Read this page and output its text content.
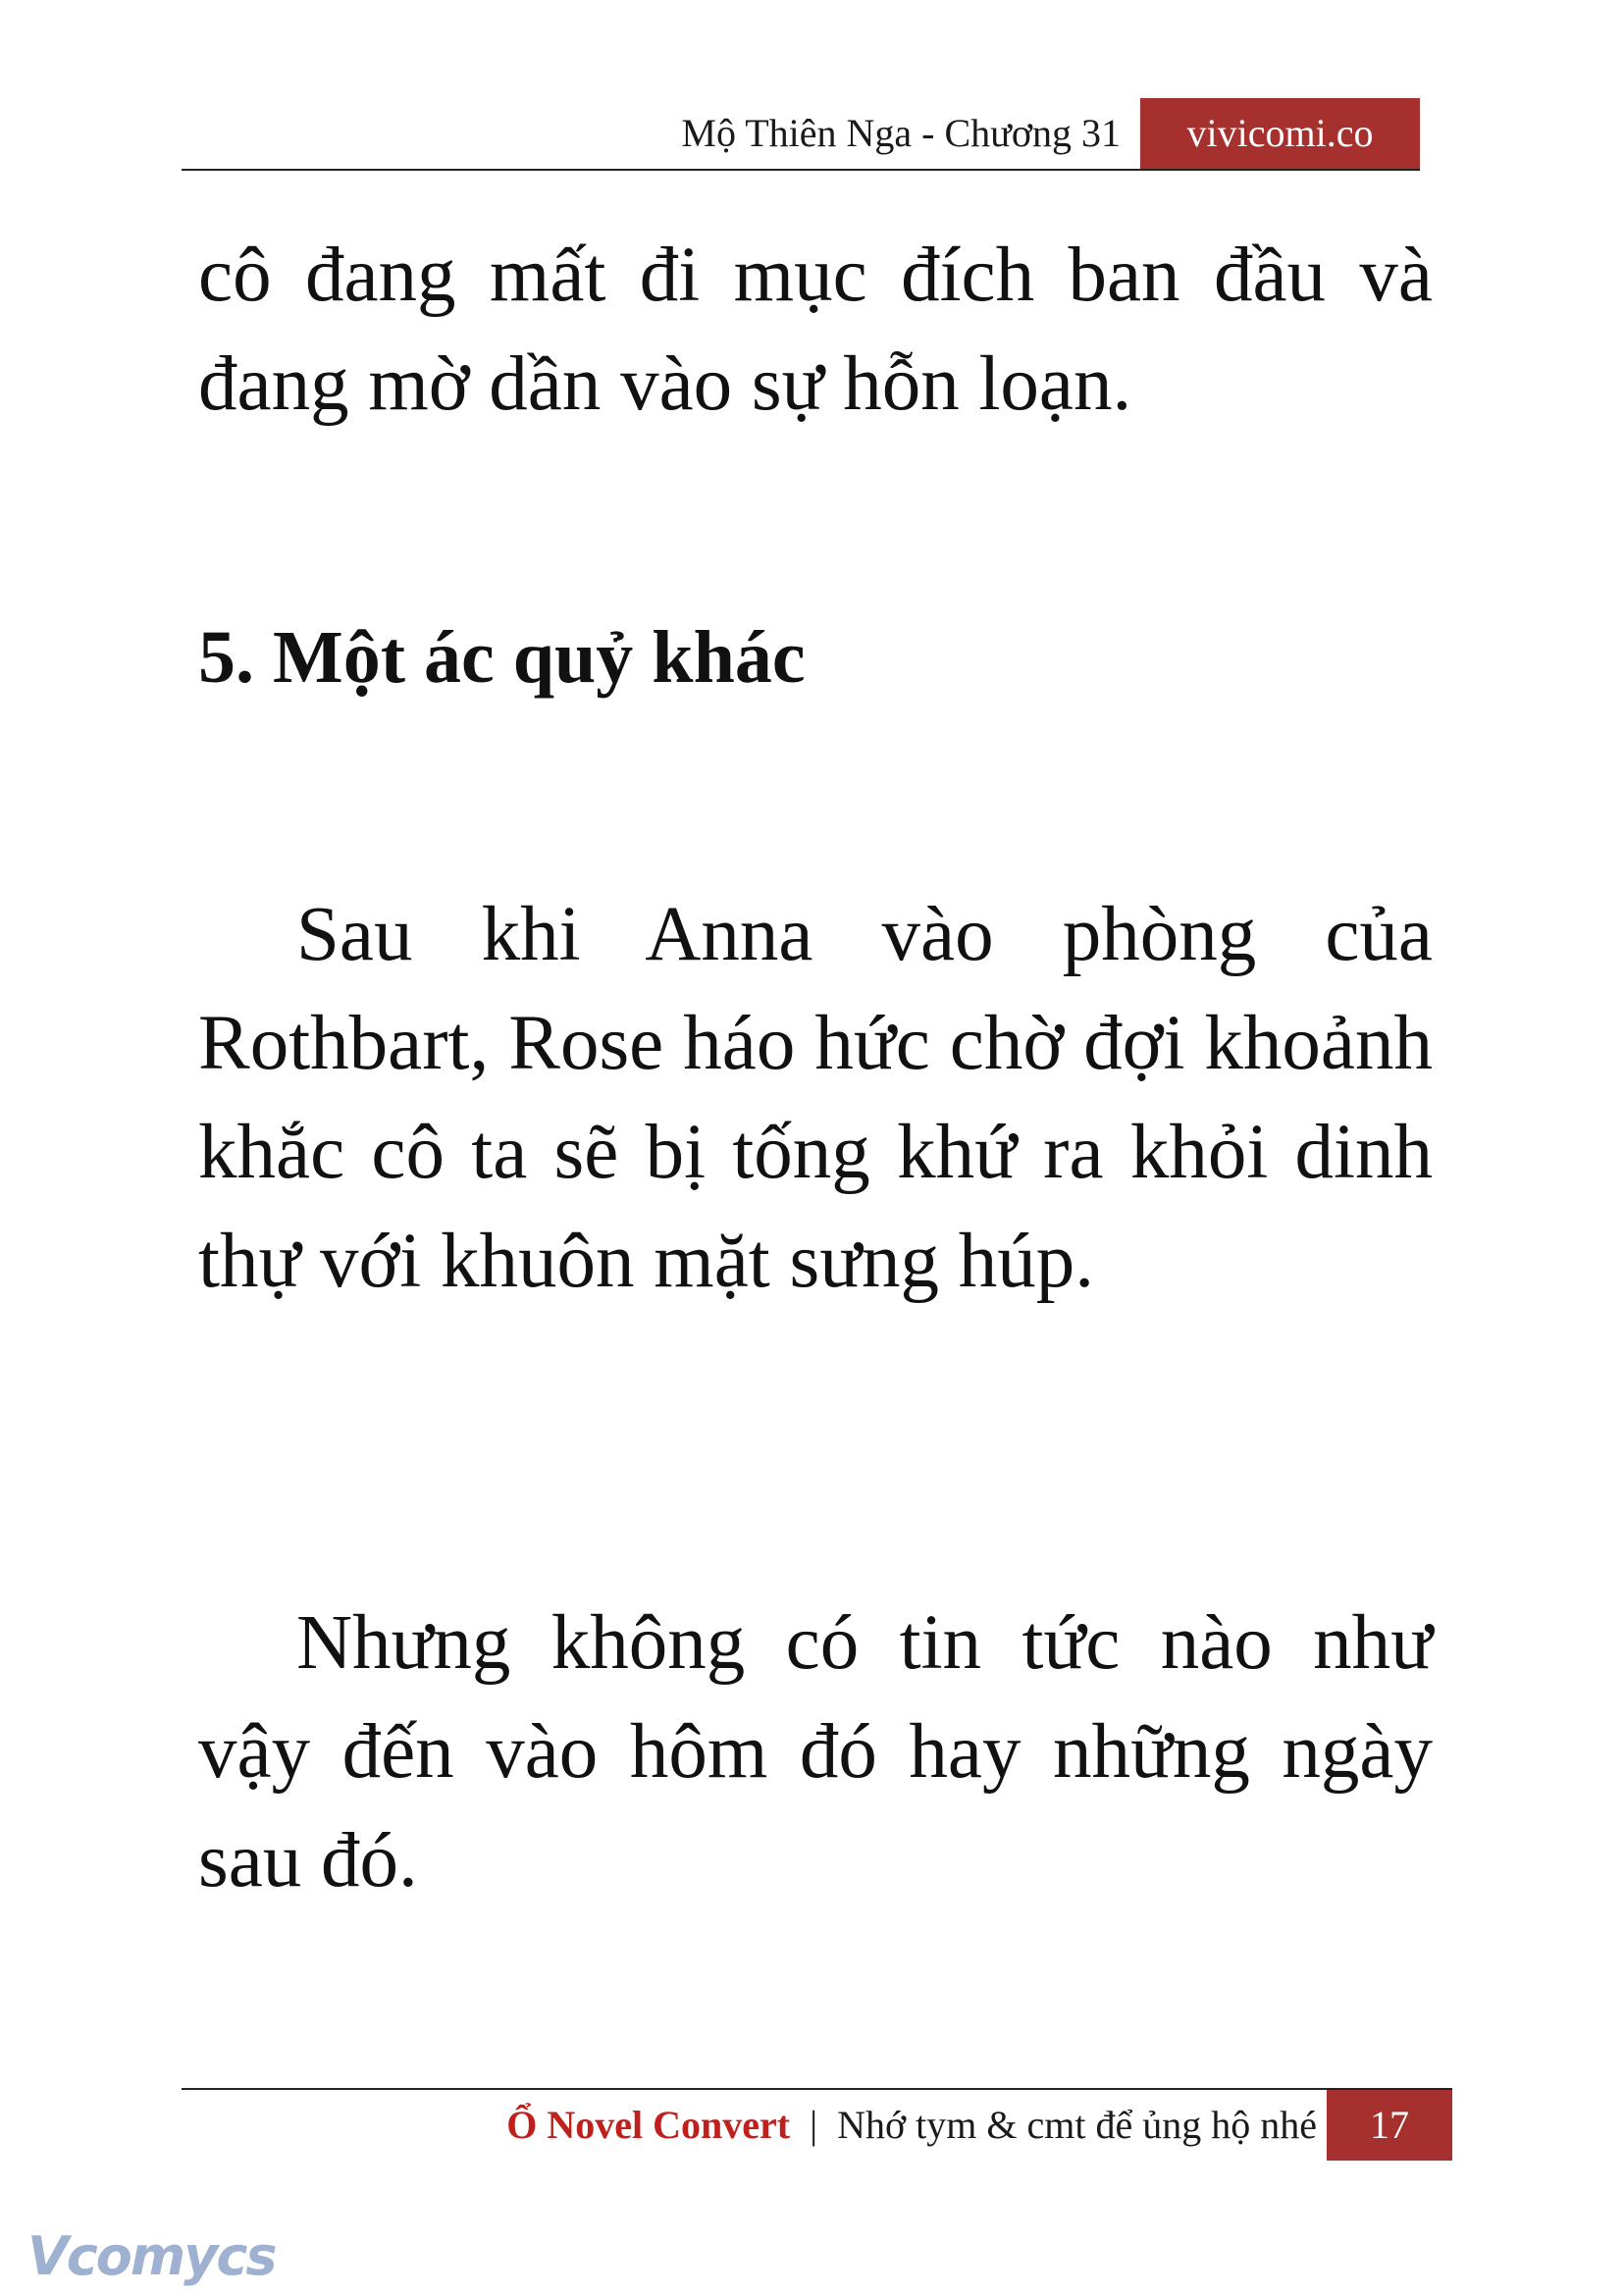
Mộ Thiên Nga - Chương 31	vivicomi.co

cô đang mất đi mục đích ban đầu và đang mờ dần vào sự hỗn loạn.

Sau khi Anna vào phòng của Rothbart, Rose háo hức chờ đợi khoảnh khắc cô ta sẽ bị tống khứ ra khỏi dinh thự với khuôn mặt sưng húp.

Nhưng không có tin tức nào như vậy đến vào hôm đó hay những ngày sau đó.

5. Một ác quỷ khác
Ổ Novel Convert | Nhớ tym & cmt để ủng hộ nhé	17
Vcomycs
